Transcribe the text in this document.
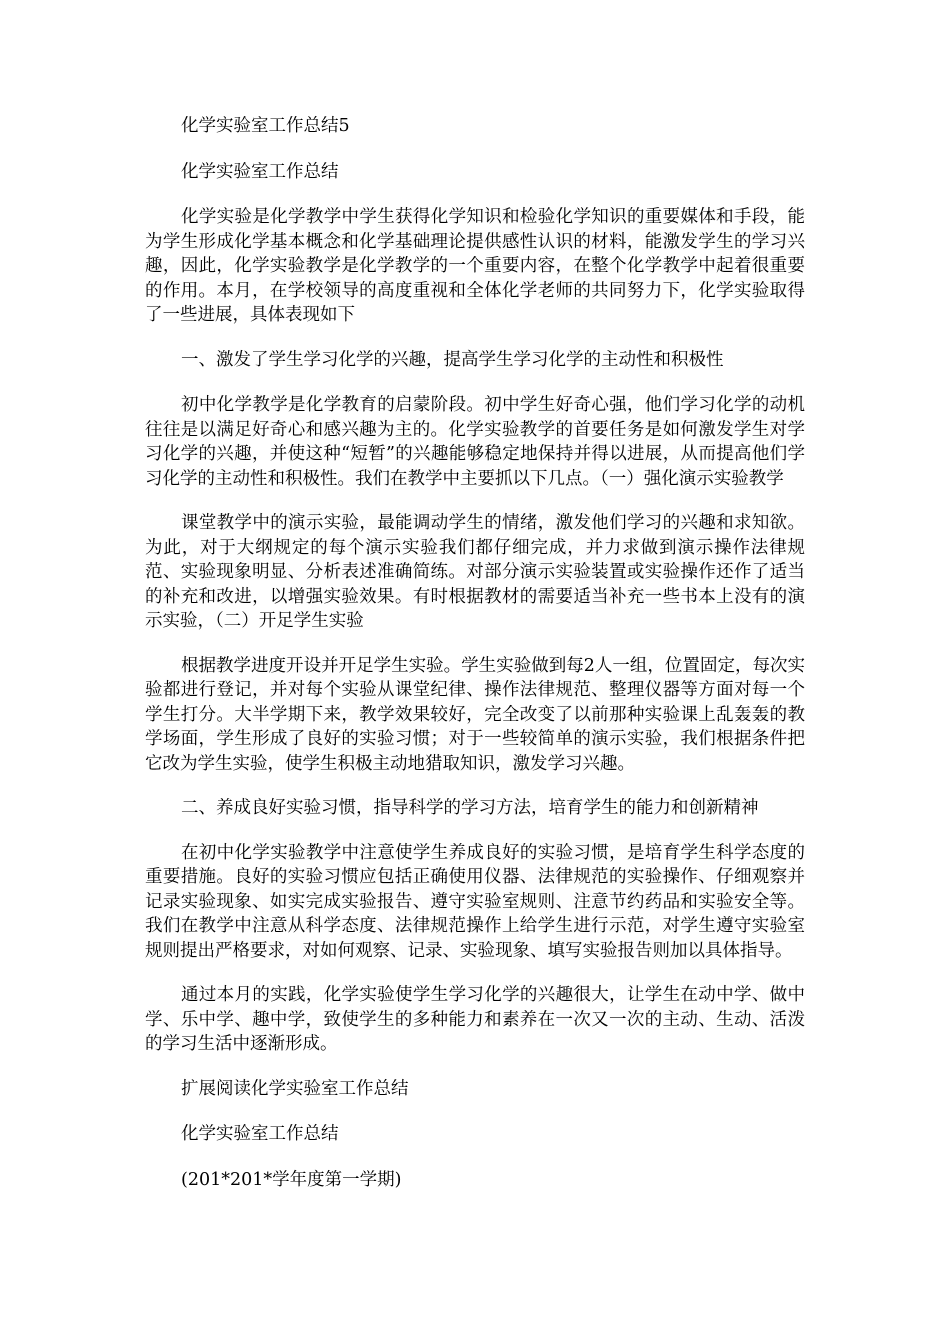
化学实验室工作总结5

化学实验室工作总结

化学实验是化学教学中学生获得化学知识和检验化学知识的重要媒体和手段，能为学生形成化学基本概念和化学基础理论提供感性认识的材料，能激发学生的学习兴趣，因此，化学实验教学是化学教学的一个重要内容，在整个化学教学中起着很重要的作用。本月，在学校领导的高度重视和全体化学老师的共同努力下，化学实验取得了一些进展，具体表现如下

一、激发了学生学习化学的兴趣，提高学生学习化学的主动性和积极性

初中化学教学是化学教育的启蒙阶段。初中学生好奇心强，他们学习化学的动机往往是以满足好奇心和感兴趣为主的。化学实验教学的首要任务是如何激发学生对学习化学的兴趣，并使这种“短暂”的兴趣能够稳定地保持并得以进展，从而提高他们学习化学的主动性和积极性。我们在教学中主要抓以下几点。（一）强化演示实验教学

课堂教学中的演示实验，最能调动学生的情绪，激发他们学习的兴趣和求知欲。为此，对于大纲规定的每个演示实验我们都仔细完成，并力求做到演示操作法律规范、实验现象明显、分析表述准确简练。对部分演示实验装置或实验操作还作了适当的补充和改进，以增强实验效果。有时根据教材的需要适当补充一些书本上没有的演示实验，（二）开足学生实验

根据教学进度开设并开足学生实验。学生实验做到每2人一组，位置固定，每次实验都进行登记，并对每个实验从课堂纪律、操作法律规范、整理仪器等方面对每一个学生打分。大半学期下来，教学效果较好，完全改变了以前那种实验课上乱轰轰的教学场面，学生形成了良好的实验习惯；对于一些较简单的演示实验，我们根据条件把它改为学生实验，使学生积极主动地猎取知识，激发学习兴趣。

二、养成良好实验习惯，指导科学的学习方法，培育学生的能力和创新精神

在初中化学实验教学中注意使学生养成良好的实验习惯，是培育学生科学态度的重要措施。良好的实验习惯应包括正确使用仪器、法律规范的实验操作、仔细观察并记录实验现象、如实完成实验报告、遵守实验室规则、注意节约药品和实验安全等。我们在教学中注意从科学态度、法律规范操作上给学生进行示范，对学生遵守实验室规则提出严格要求，对如何观察、记录、实验现象、填写实验报告则加以具体指导。

通过本月的实践，化学实验使学生学习化学的兴趣很大，让学生在动中学、做中学、乐中学、趣中学，致使学生的多种能力和素养在一次又一次的主动、生动、活泼的学习生活中逐渐形成。

扩展阅读化学实验室工作总结

化学实验室工作总结

(201*201*学年度第一学期)
